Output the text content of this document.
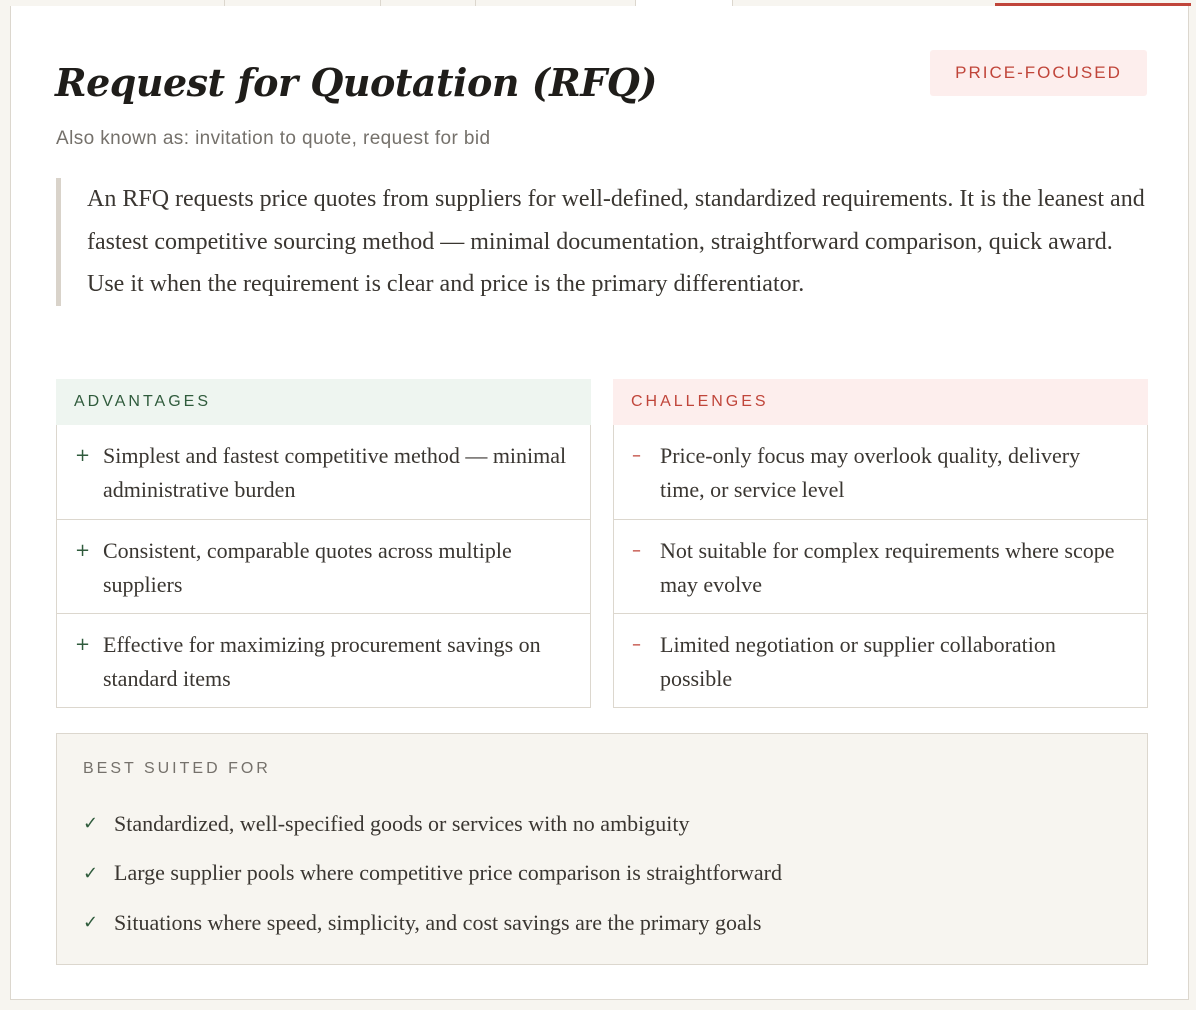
Request for Quotation (RFQ)	PRICE-FOCUSED
Also known as: invitation to quote, request for bid
An RFQ requests price quotes from suppliers for well-defined, standardized requirements. It is the leanest and fastest competitive sourcing method — minimal documentation, straightforward comparison, quick award. Use it when the requirement is clear and price is the primary differentiator.
ADVANTAGES
+ Simplest and fastest competitive method — minimal administrative burden
+ Consistent, comparable quotes across multiple suppliers
+ Effective for maximizing procurement savings on standard items
CHALLENGES
– Price-only focus may overlook quality, delivery time, or service level
– Not suitable for complex requirements where scope may evolve
– Limited negotiation or supplier collaboration possible
BEST SUITED FOR
✓ Standardized, well-specified goods or services with no ambiguity
✓ Large supplier pools where competitive price comparison is straightforward
✓ Situations where speed, simplicity, and cost savings are the primary goals
